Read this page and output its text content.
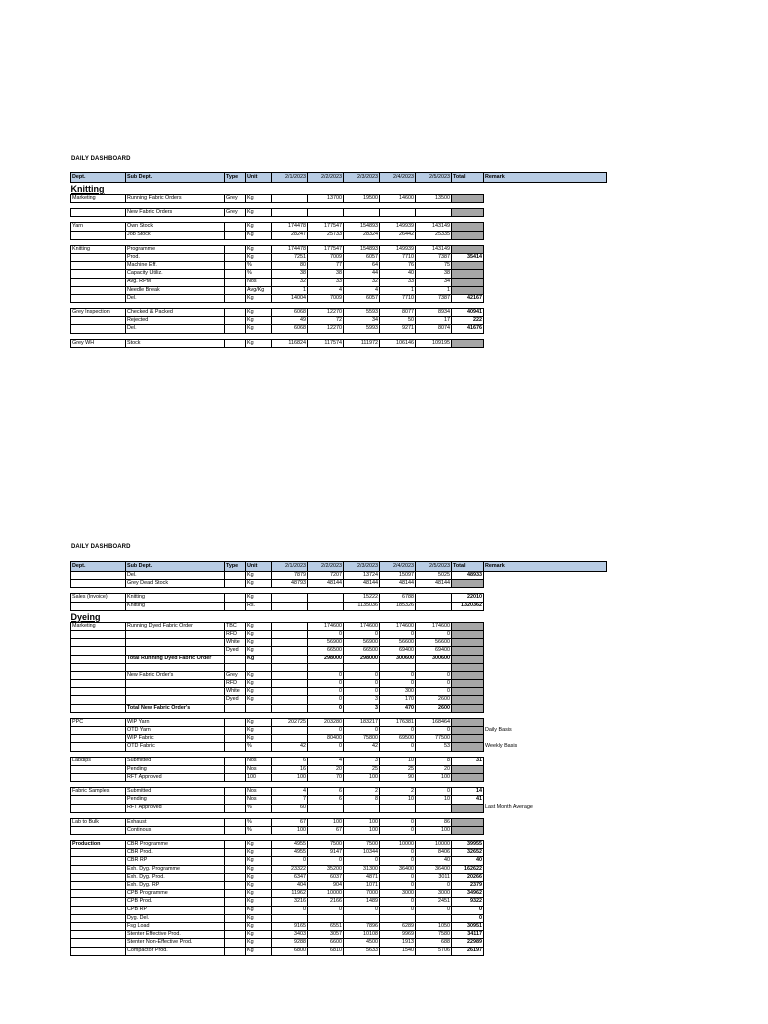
DAILY DASHBOARD
Dept.	Sub Dept.	Type	Unit	2/1/2023	2/2/2023	2/3/2023	2/4/2023	2/5/2023	Total	Remark
Knitting										
Marketing	Running Fabric Orders	Grey	Kg		13700	19500	14600	13500		

	New Fabric Orders	Grey	Kg							

Yarn	Own Stock		Kg	174478	177547	154893	149939	143149		
	Job Stock		Kg	28247	25733	28324	26442	25335		

Knitting	Programme		Kg	174478	177547	154893	149939	143149		
	Prod.		Kg	7251	7009	6057	7710	7387	35414	
	Machine Eff.		%	80	77	64	76	75		
	Capacity Utiliz.		%	38	38	44	40	38		
	Avg. RPM		Nos	32	33	32	33	34		
	Needle Break		Avg/Kg	1	4	4	1	1		
	Del.		Kg	14004	7009	6057	7710	7387	42167	

Grey Inspection	Checked & Packed		Kg	6068	12270	5593	8077	8934	40941	
	Rejected		Kg	49	72	34	50	17	222	
	Del.		Kg	6068	12270	5993	9271	8074	41676	

Grey WH	Stock		Kg	116824	117574	111972	106146	109195		
DAILY DASHBOARD
Dept.	Sub Dept.	Type	Unit	2/1/2023	2/2/2023	2/3/2023	2/4/2023	2/5/2023	Total	Remark
	Del.		Kg	7879	7207	13724	15097	5025	48933	
	Grey Dead Stock		Kg	48793	48144	48144	48144	48144		

Sales (Invoice)	Knitting		Kg			15222	6788		22010	
	Knitting		Rs.			1135036	185326		1320362	
Dyeing										
Marketing	Running Dyed Fabric Order	TBC	Kg		174600	174600	174600	174600		
		RFD	Kg		0	0	0	0		
		White	Kg		56900	56900	56600	56600		
		Dyed	Kg		66500	66500	69400	69400		
	Total Running Dyed Fabric Order		Kg		298000	298000	300600	300600		

	New Fabric Order's	Grey	Kg		0	0	0	0		
		RFD	Kg		0	0	0	0		
		White	Kg		0	0	300	0		
		Dyed	Kg		0	3	170	2600		
	Total New Fabric Order's				0	3	470	2600		

PPC	WIP Yarn		Kg	202725	203280	183217	176381	168464		
	OTD Yarn		Kg		0	0	0	0		Daily Basis
	WIP Fabric		Kg		80400	75800	69500	77500		
	OTD Fabric		%	42	0	42	0	53		Weekly Basis

Labdips	Submitted		Nos	6	4	3	10	8	31	
	Pending		Nos	16	20	25	25	20		
	RFT Approved		100	100	70	100	90	100		

Fabric Samples	Submitted		Nos	4	6	2	2	0	14	
	Pending		Nos	7	6	8	10	10	41	
	RFT Approved		%	60						Last Month Average

Lab to Bulk	Exhaust		%	67	100	100	0	86		
	Continous		%	100	67	100	0	100		

Production	CBR Programme		Kg	4955	7500	7500	10000	10000	39955	
	CBR Prod.		Kg	4955	9147	10344	0	8406	32652	
	CBR RP		Kg	0	0	0	0	40	40	
	Exh. Dyg. Programme		Kg	23322	35200	31300	36400	36400	162622	
	Exh. Dyg. Prod.		Kg	6347	6037	4871	0	3011	20266	
	Exh. Dyg. RP		Kg	404	904	1071	0	0	2379	
	CPB Programme		Kg	11962	10000	7000	3000	3000	34962	
	CPB Prod.		Kg	3216	2166	1489	0	2451	9322	
	CPB RP		Kg	0	0	0	0	0	0	
	Dyg. Del.		Kg						0	
	Fsg Load		Kg	9165	6551	7896	6289	1050	30951	
	Stenter Effective Prod.		Kg	3403	3057	10108	9969	7580	34117	
	Stenter Non-Effective Prod.		Kg	9288	6600	4500	1913	688	22989	
	Compactor Prod.		Kg	6800	6810	5633	1540	5706	26197	
